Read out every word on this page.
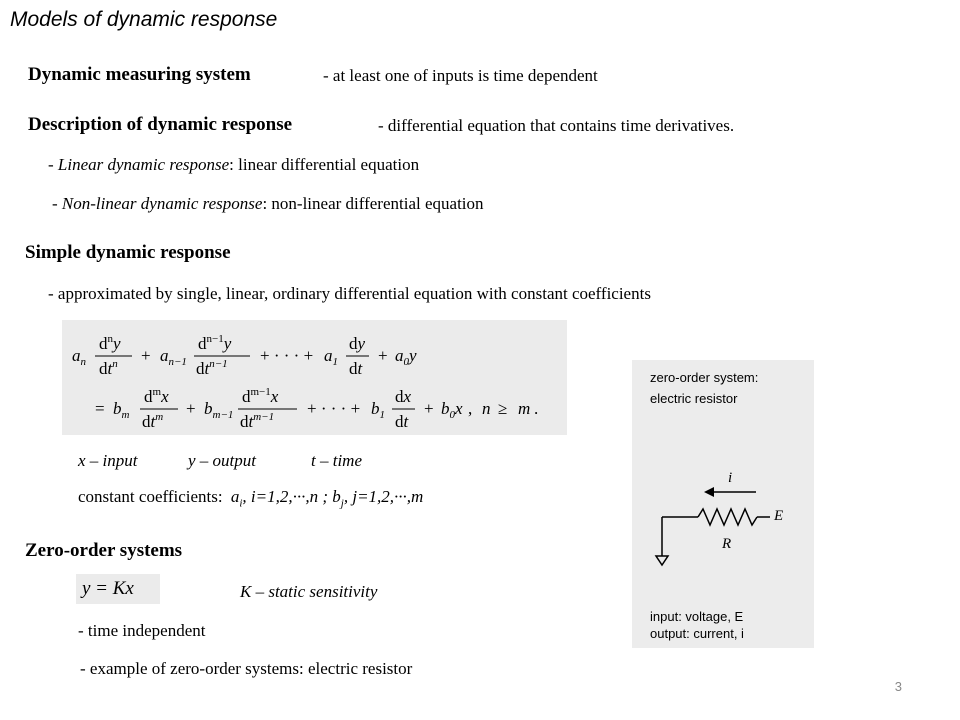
Models of dynamic response
Dynamic measuring system	- at least one of inputs is time dependent
Description of dynamic response	- differential equation that contains time derivatives.
- Linear dynamic response: linear differential equation
- Non-linear dynamic response: non-linear differential equation
Simple dynamic response
- approximated by single, linear, ordinary differential equation with constant coefficients
$a_n$
$d^ny$
$dt^n + a_{n-1}$
$d^{n-1}y$
$dt^{n-1}$ + · · · + $a_1$
dy
dt
+ $a_0y$
= $b_m$
$d^mx$
$dt^m + b_{m-1}$
$d^{m-1}x$
$dt^{m-1}$ + · · · + $b_1$
dx
dt
+ $b_0x$ , n ≥ m .
x – input	y – output	t – time
constant coefficients: $a_i$, i=1,2,···,n ; $b_j$, j=1,2,···,m
Zero-order systems
y = Kx	K – static sensitivity
- time independent
- example of zero-order systems: electric resistor
zero-order system:
electric resistor
i
E
R
input: voltage, E
output: current, i
3
